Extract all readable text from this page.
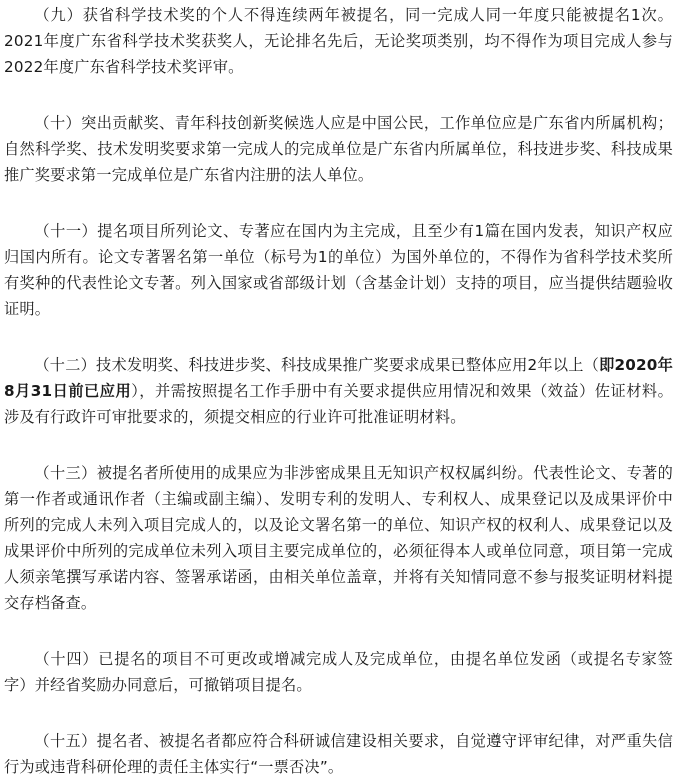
（九）获省科学技术奖的个人不得连续两年被提名，同一完成人同一年度只能被提名1次。2021年度广东省科学技术奖获奖人，无论排名先后，无论奖项类别，均不得作为项目完成人参与2022年度广东省科学技术奖评审。

（十）突出贡献奖、青年科技创新奖候选人应是中国公民，工作单位应是广东省内所属机构；自然科学奖、技术发明奖要求第一完成人的完成单位是广东省内所属单位，科技进步奖、科技成果推广奖要求第一完成单位是广东省内注册的法人单位。

（十一）提名项目所列论文、专著应在国内为主完成，且至少有1篇在国内发表，知识产权应归国内所有。论文专著署名第一单位（标号为1的单位）为国外单位的，不得作为省科学技术奖所有奖种的代表性论文专著。列入国家或省部级计划（含基金计划）支持的项目，应当提供结题验收证明。

（十二）技术发明奖、科技进步奖、科技成果推广奖要求成果已整体应用2年以上（即2020年8月31日前已应用），并需按照提名工作手册中有关要求提供应用情况和效果（效益）佐证材料。涉及有行政许可审批要求的，须提交相应的行业许可批准证明材料。

（十三）被提名者所使用的成果应为非涉密成果且无知识产权权属纠纷。代表性论文、专著的第一作者或通讯作者（主编或副主编）、发明专利的发明人、专利权人、成果登记以及成果评价中所列的完成人未列入项目完成人的，以及论文署名第一的单位、知识产权的权利人、成果登记以及成果评价中所列的完成单位未列入项目主要完成单位的，必须征得本人或单位同意，项目第一完成人须亲笔撰写承诺内容、签署承诺函，由相关单位盖章，并将有关知情同意不参与报奖证明材料提交存档备查。

（十四）已提名的项目不可更改或增减完成人及完成单位，由提名单位发函（或提名专家签字）并经省奖励办同意后，可撤销项目提名。

（十五）提名者、被提名者都应符合科研诚信建设相关要求，自觉遵守评审纪律，对严重失信行为或违背科研伦理的责任主体实行“一票否决”。
